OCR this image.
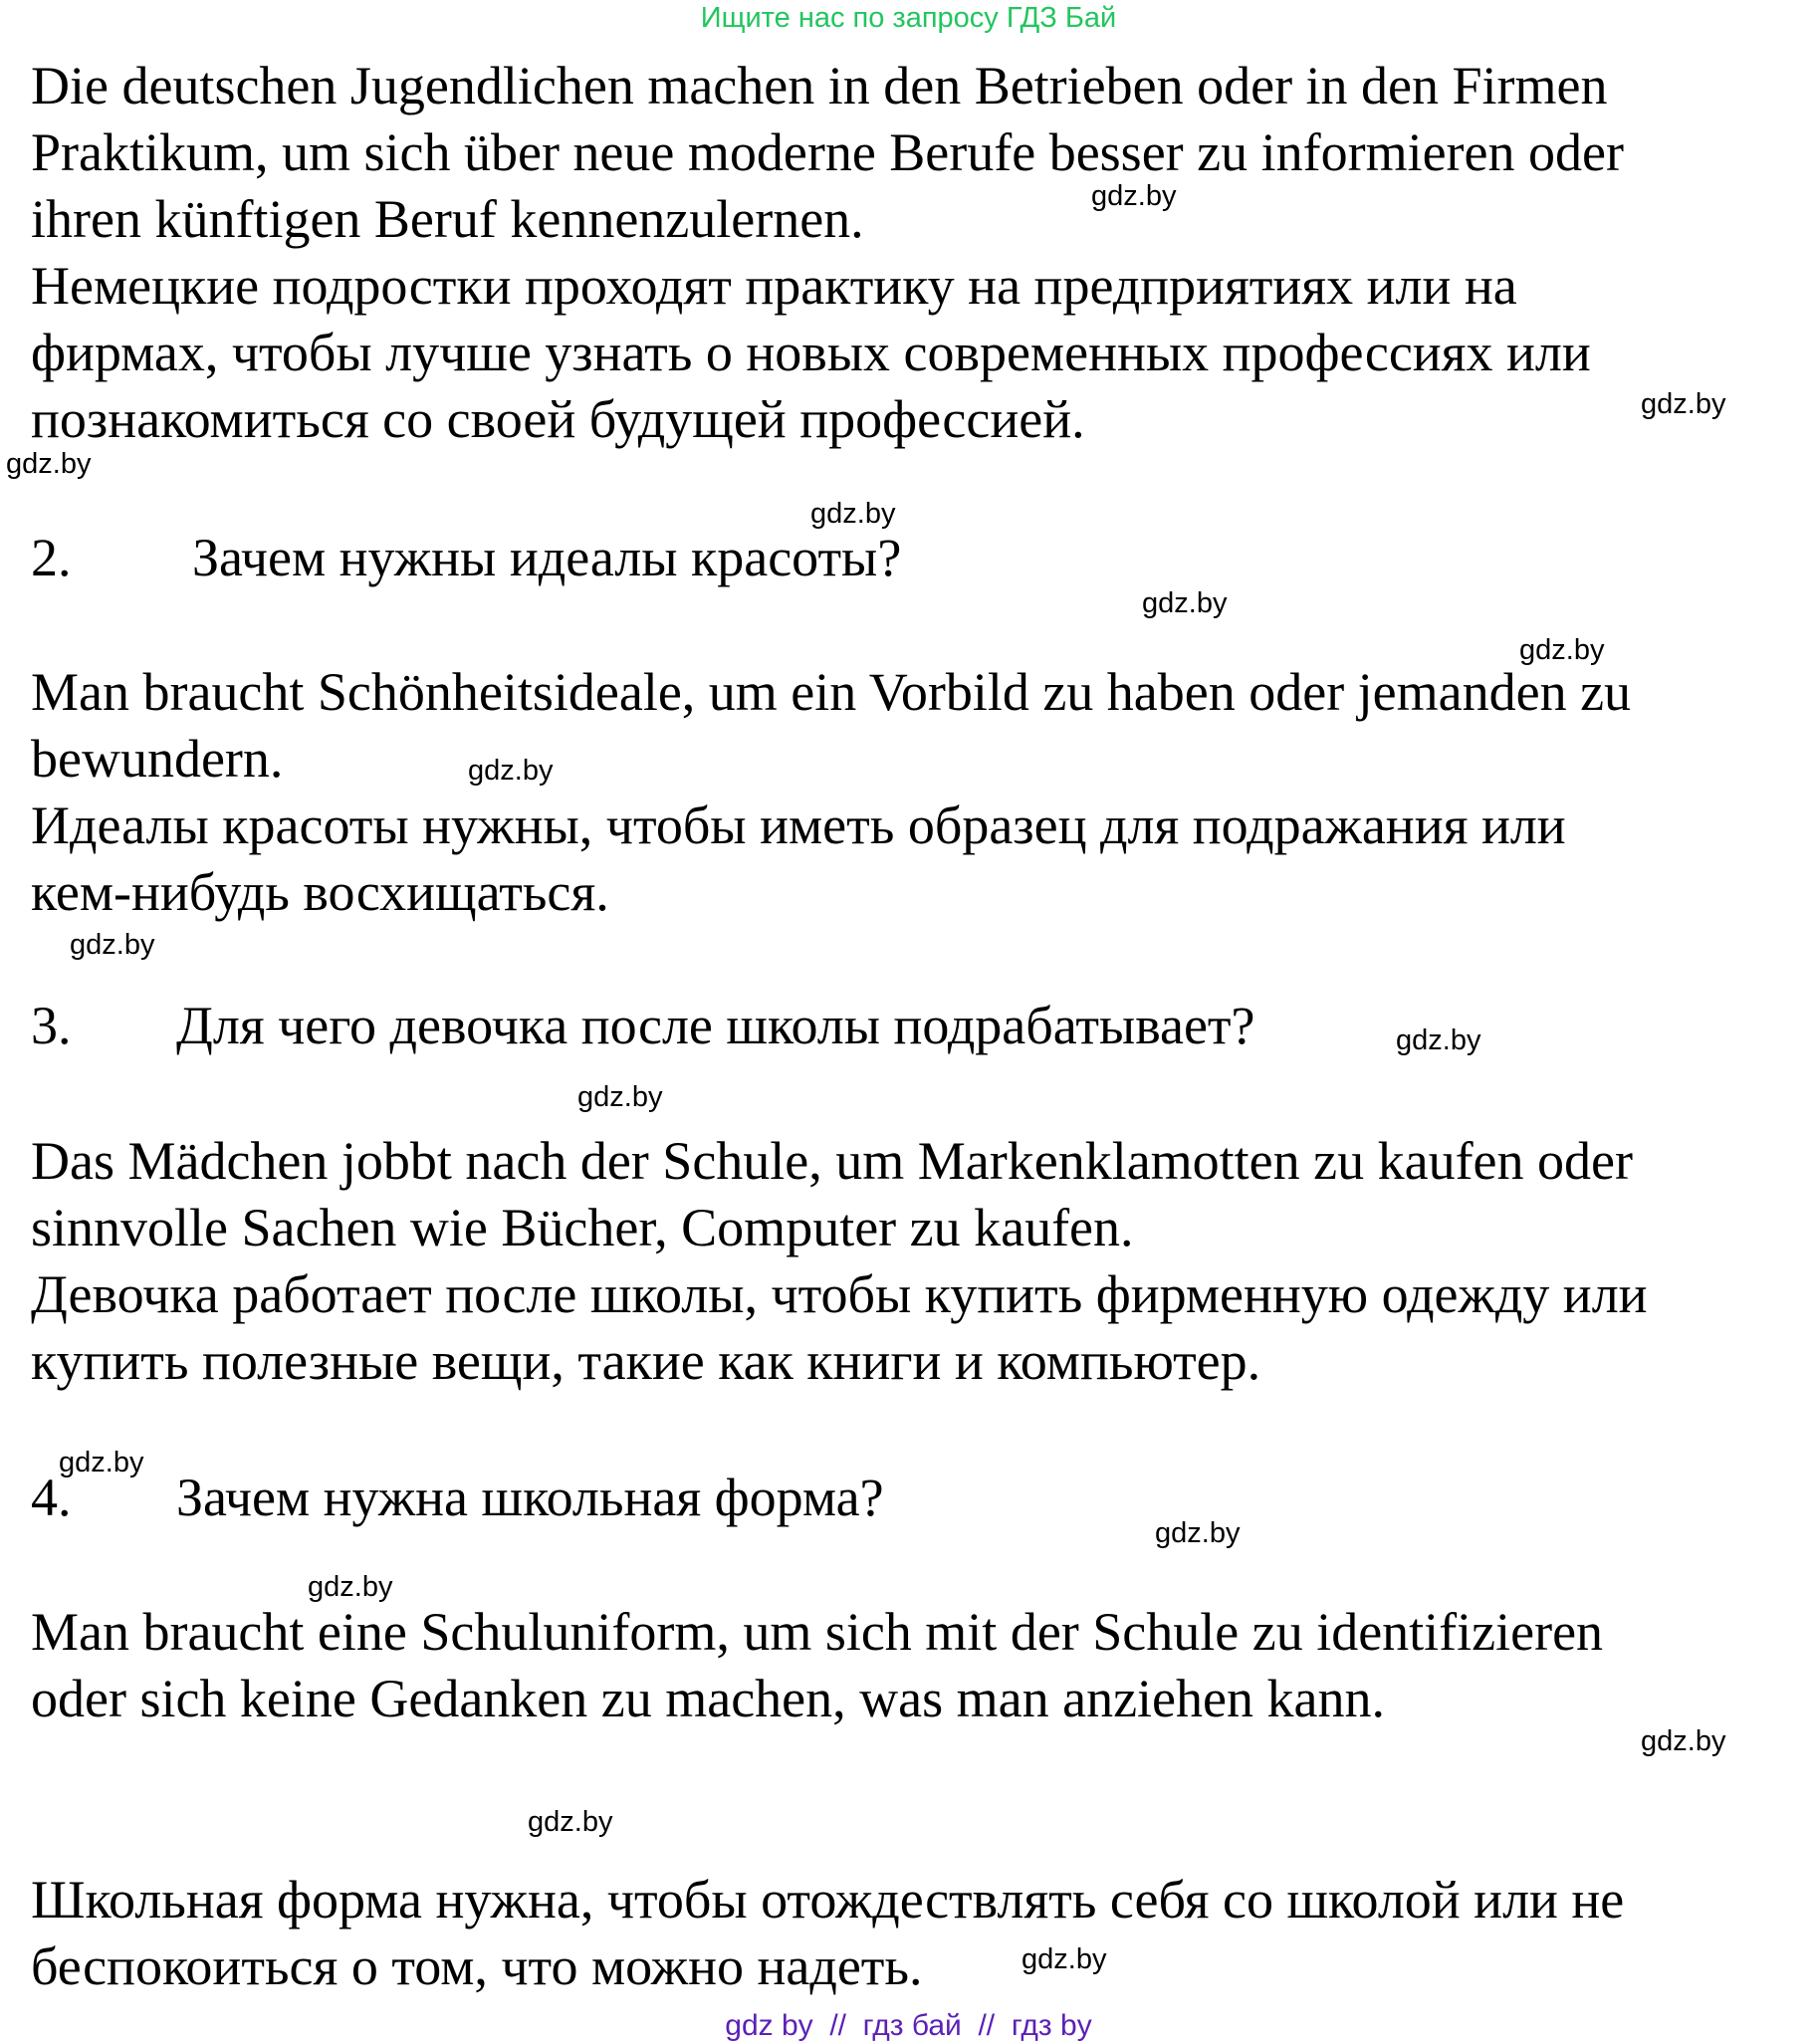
Ищите нас по запросу ГДЗ Бай
Die deutschen Jugendlichen machen in den Betrieben oder in den Firmen
Praktikum, um sich über neue moderne Berufe besser zu informieren oder
ihren künftigen Beruf kennenzulernen.
Немецкие подростки проходят практику на предприятиях или на
фирмах, чтобы лучше узнать о новых современных профессиях или
познакомиться со своей будущей профессией.
2. Зачем нужны идеалы красоты?
Man braucht Schönheitsideale, um ein Vorbild zu haben oder jemanden zu
bewundern.
Идеалы красоты нужны, чтобы иметь образец для подражания или
кем-нибудь восхищаться.
3. Для чего девочка после школы подрабатывает?
Das Mädchen jobbt nach der Schule, um Markenklamotten zu kaufen oder
sinnvolle Sachen wie Bücher, Computer zu kaufen.
Девочка работает после школы, чтобы купить фирменную одежду или
купить полезные вещи, такие как книги и компьютер.
4. Зачем нужна школьная форма?
Man braucht eine Schuluniform, um sich mit der Schule zu identifizieren
oder sich keine Gedanken zu machen, was man anziehen kann.
Школьная форма нужна, чтобы отождествлять себя со школой или не
беспокоиться о том, что можно надеть.
gdz.by
gdz.by
gdz.by
gdz.by
gdz.by
gdz.by
gdz.by
gdz.by
gdz.by
gdz.by
gdz.by
gdz.by
gdz.by
gdz.by
gdz.by
gdz.by
gdz by  //  гдз бай  //  гдз by
